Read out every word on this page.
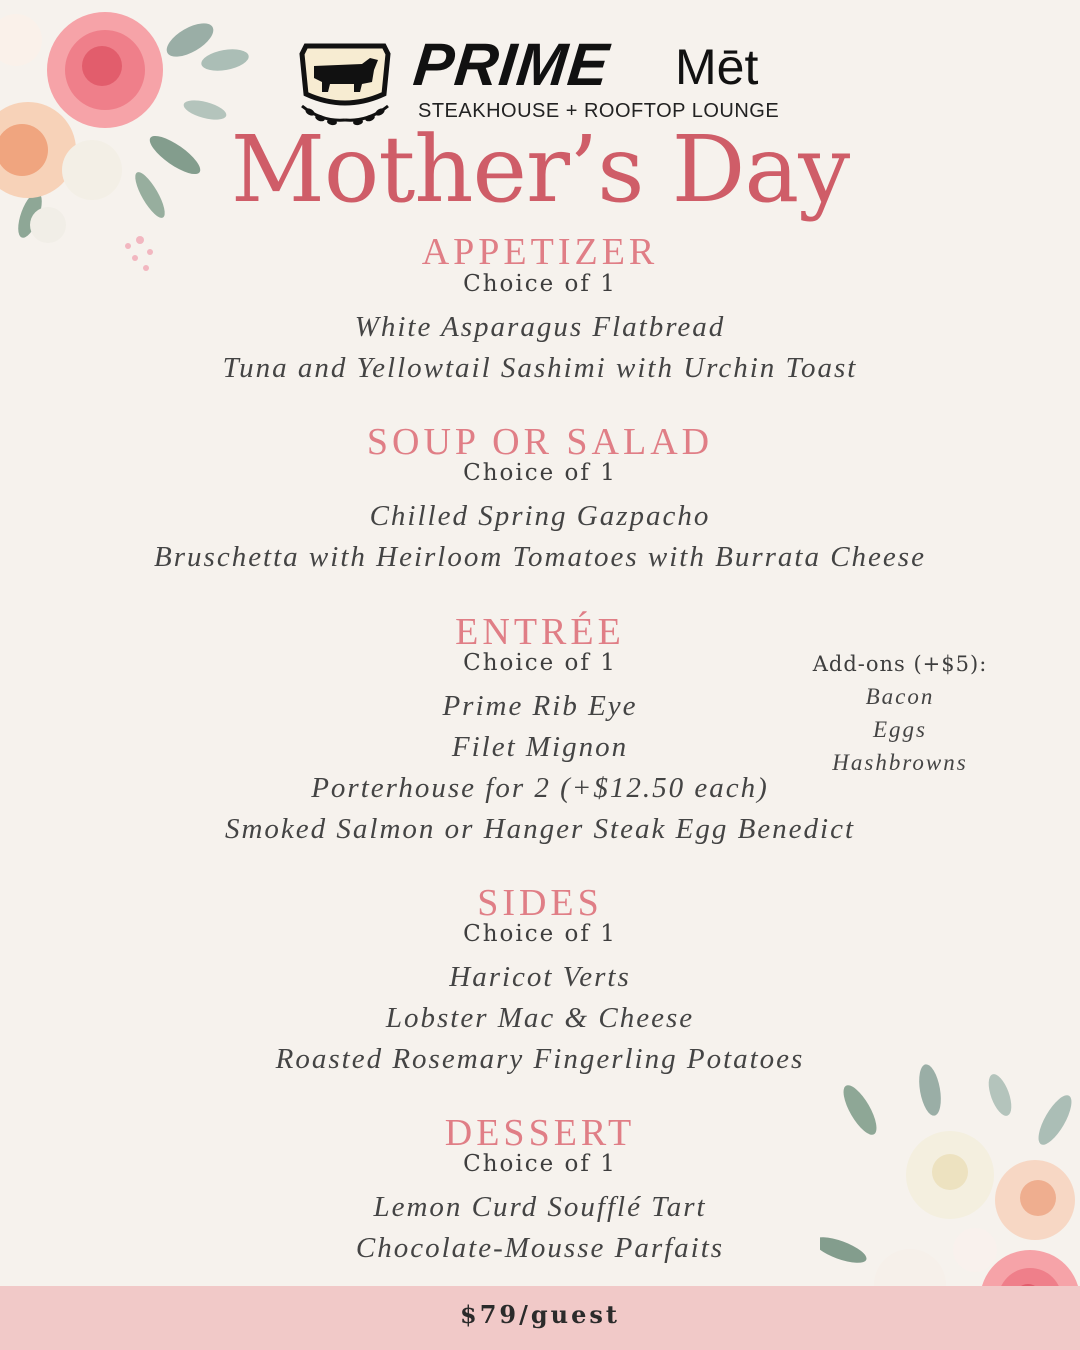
PRIME Mēt
STEAKHOUSE + ROOFTOP LOUNGE
Mother’s Day
APPETIZER
Choice of 1
White Asparagus Flatbread
Tuna and Yellowtail Sashimi with Urchin Toast
SOUP OR SALAD
Choice of 1
Chilled Spring Gazpacho
Bruschetta with Heirloom Tomatoes with Burrata Cheese
ENTRÉE
Choice of 1
Prime Rib Eye
Filet Mignon
Porterhouse for 2 (+$12.50 each)
Smoked Salmon or Hanger Steak Egg Benedict
Add-ons (+$5):
Bacon
Eggs
Hashbrowns
SIDES
Choice of 1
Haricot Verts
Lobster Mac & Cheese
Roasted Rosemary Fingerling Potatoes
DESSERT
Choice of 1
Lemon Curd Soufflé Tart
Chocolate-Mousse Parfaits
$79/guest
